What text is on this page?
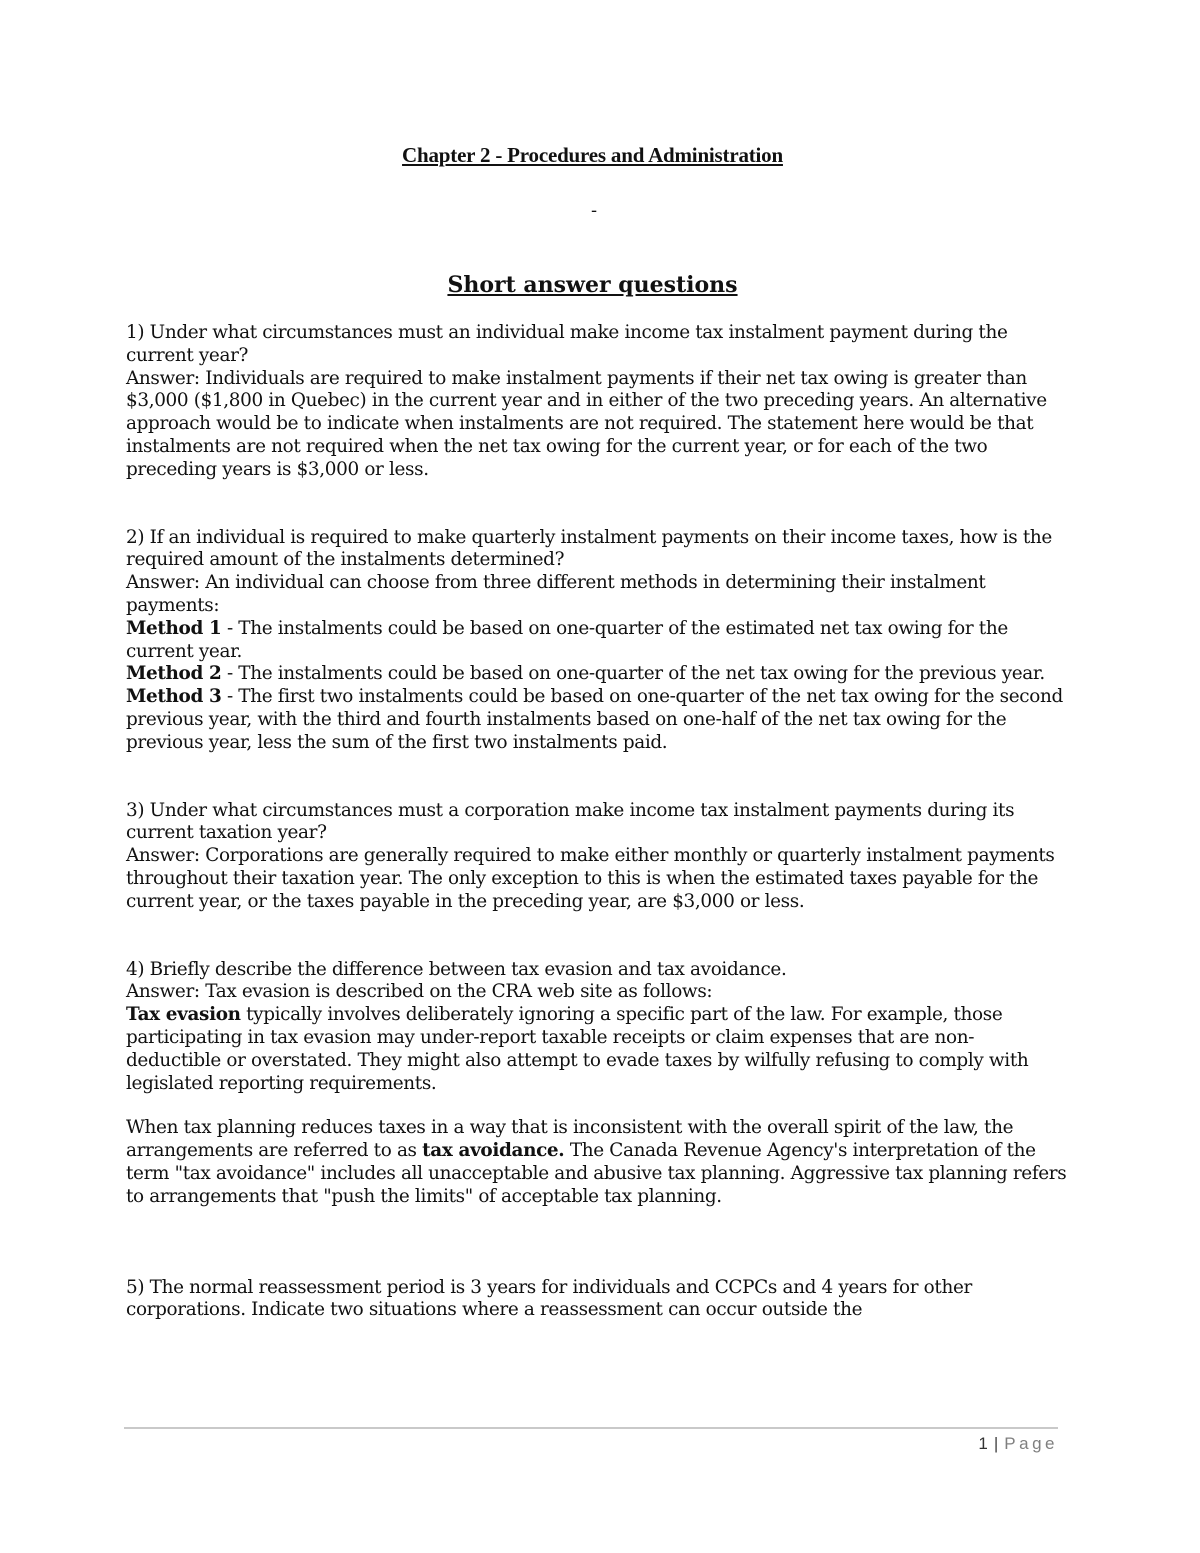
Chapter 2 - Procedures and Administration
-
Short answer questions

1) Under what circumstances must an individual make income tax instalment payment during the current year?

Answer: Individuals are required to make instalment payments if their net tax owing is greater than $3,000 ($1,800 in Quebec) in the current year and in either of the two preceding years. An alternative approach would be to indicate when instalments are not required. The statement here would be that instalments are not required when the net tax owing for the current year, or for each of the two preceding years is $3,000 or less.

2) If an individual is required to make quarterly instalment payments on their income taxes, how is the required amount of the instalments determined?

Answer: An individual can choose from three different methods in determining their instalment payments:

Method 1 - The instalments could be based on one-quarter of the estimated net tax owing for the current year.

Method 2 - The instalments could be based on one-quarter of the net tax owing for the previous year.

Method 3 - The first two instalments could be based on one-quarter of the net tax owing for the second previous year, with the third and fourth instalments based on one-half of the net tax owing for the previous year, less the sum of the first two instalments paid.

3) Under what circumstances must a corporation make income tax instalment payments during its current taxation year?

Answer: Corporations are generally required to make either monthly or quarterly instalment payments throughout their taxation year. The only exception to this is when the estimated taxes payable for the current year, or the taxes payable in the preceding year, are $3,000 or less.

4) Briefly describe the difference between tax evasion and tax avoidance.

Answer: Tax evasion is described on the CRA web site as follows:

Tax evasion typically involves deliberately ignoring a specific part of the law. For example, those participating in tax evasion may under-report taxable receipts or claim expenses that are non- deductible or overstated. They might also attempt to evade taxes by wilfully refusing to comply with legislated reporting requirements.

When tax planning reduces taxes in a way that is inconsistent with the overall spirit of the law, the arrangements are referred to as tax avoidance. The Canada Revenue Agency's interpretation of the term "tax avoidance" includes all unacceptable and abusive tax planning. Aggressive tax planning refers to arrangements that "push the limits" of acceptable tax planning.

5) The normal reassessment period is 3 years for individuals and CCPCs and 4 years for other corporations. Indicate two situations where a reassessment can occur outside the

1 | Page
